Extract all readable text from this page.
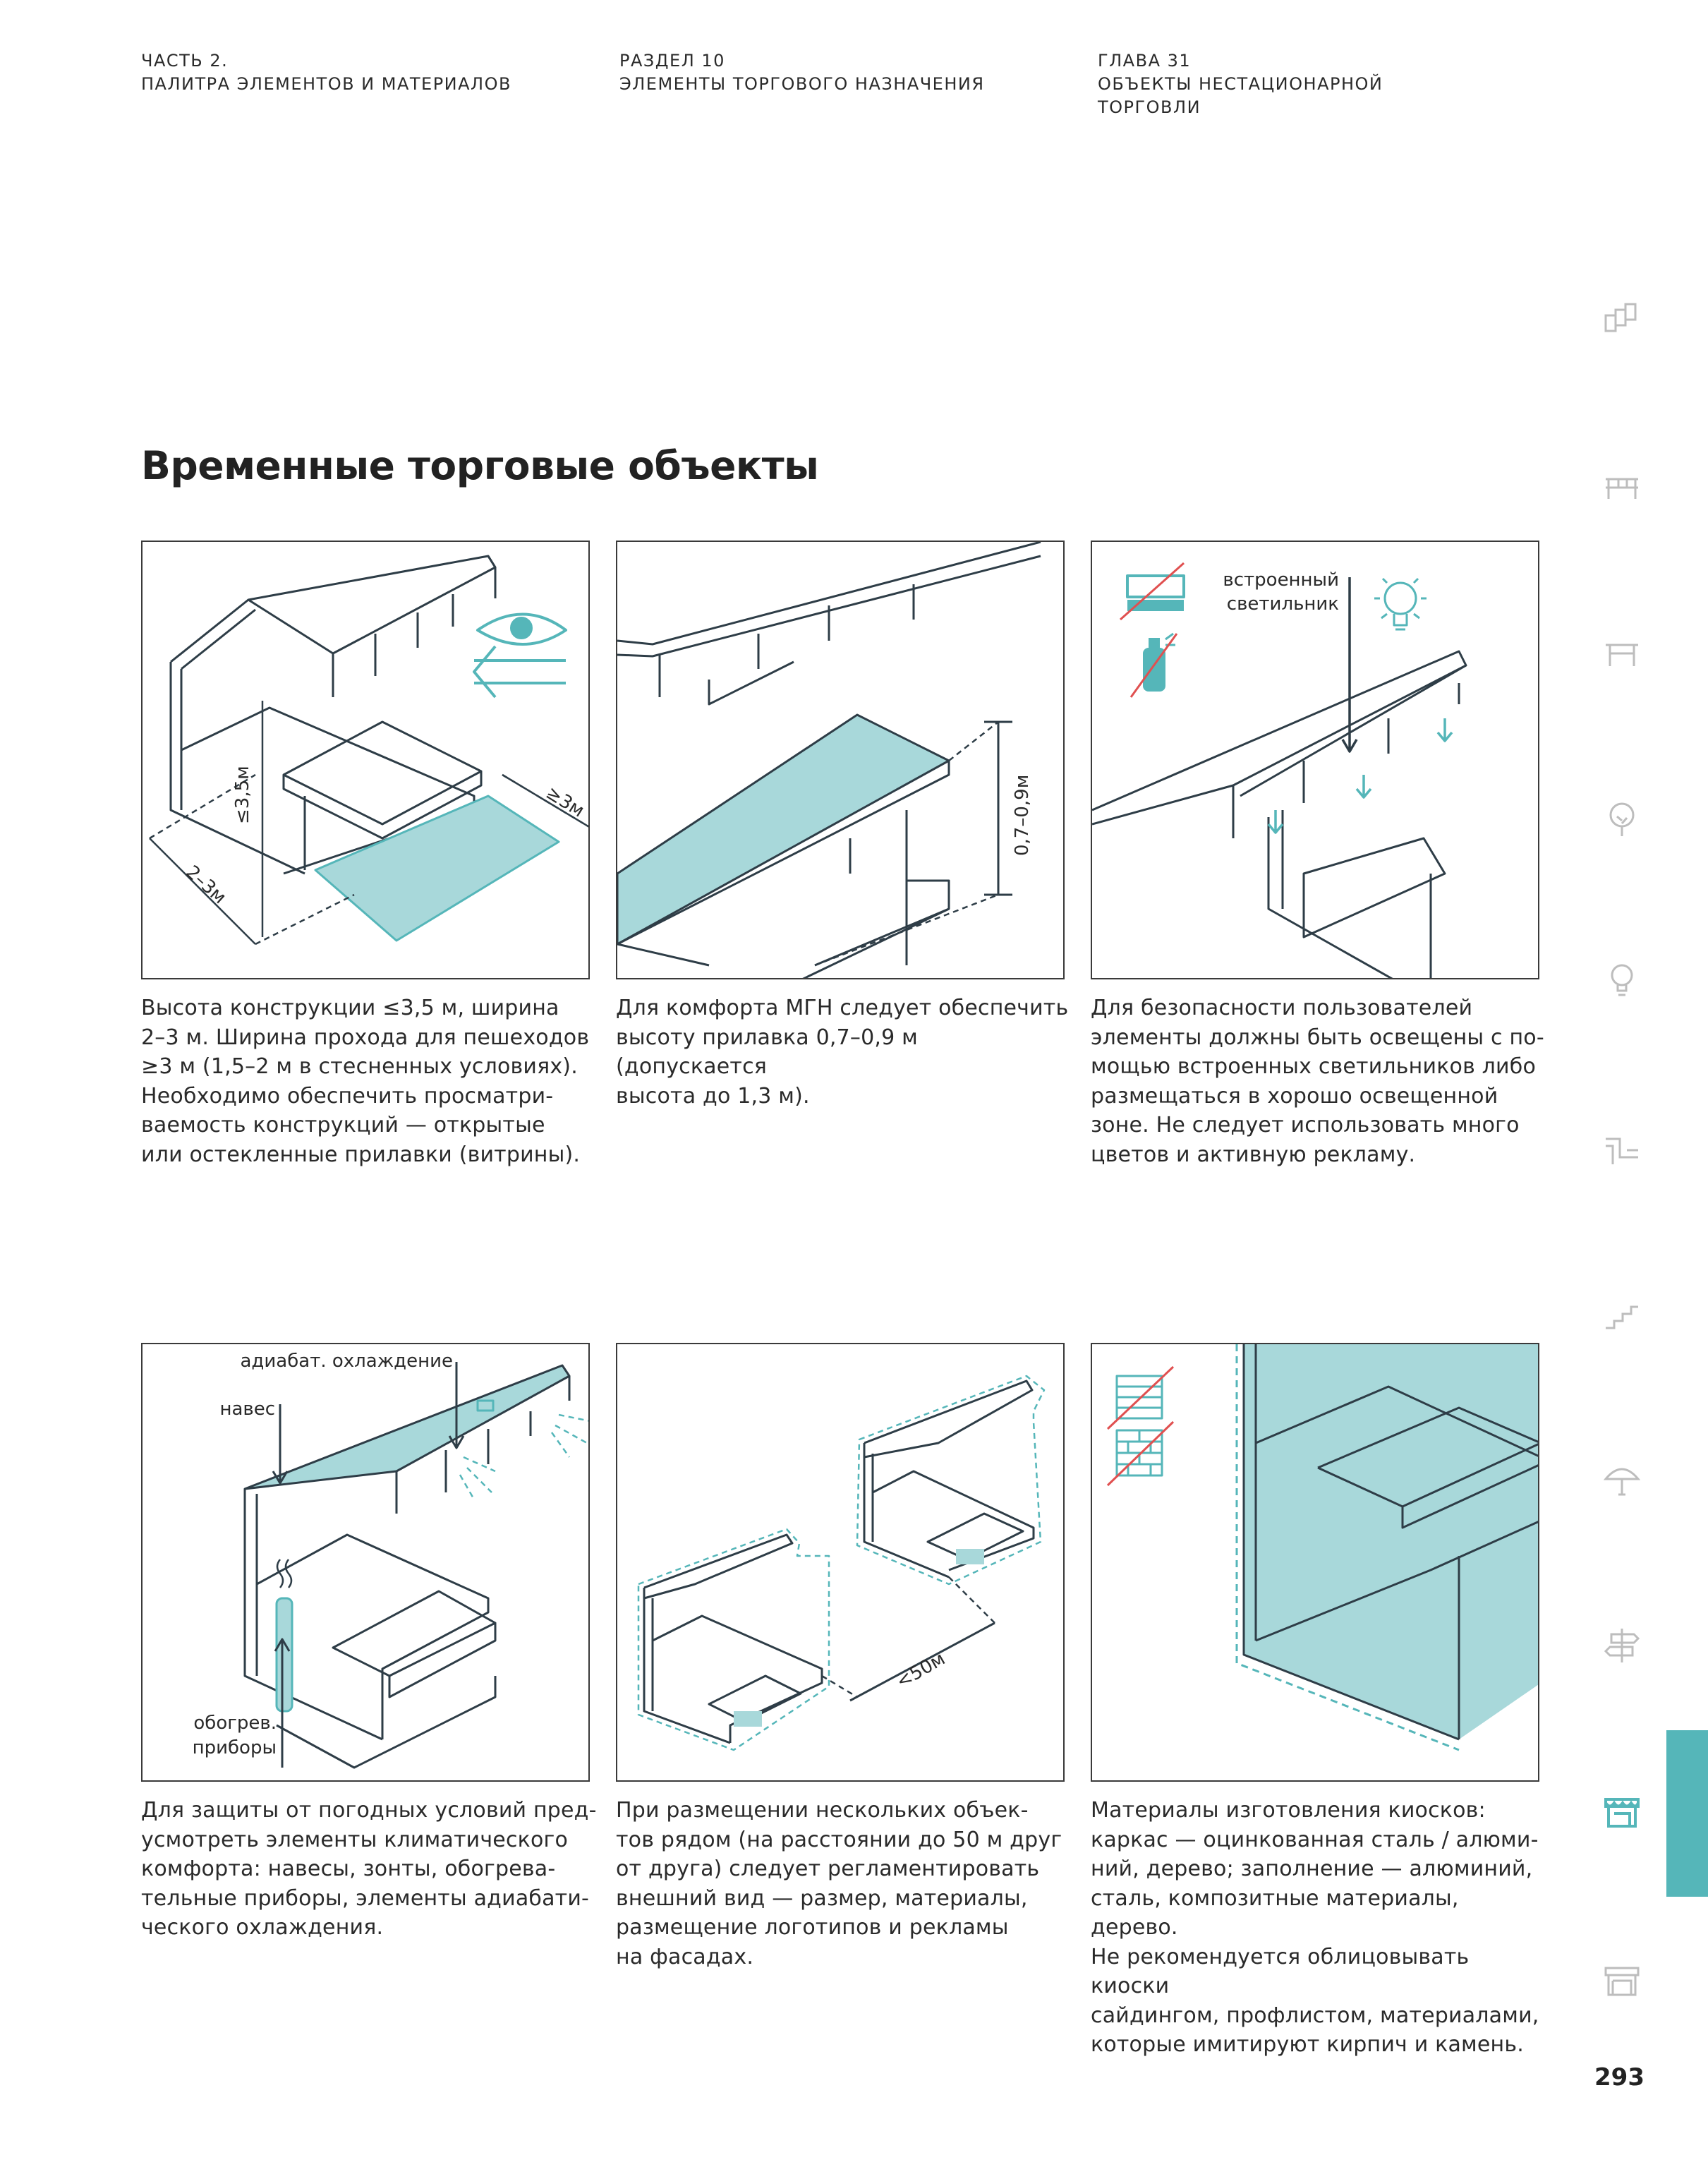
ЧАСТЬ 2.
ПАЛИТРА ЭЛЕМЕНТОВ И МАТЕРИАЛОВ
РАЗДЕЛ 10
ЭЛЕМЕНТЫ ТОРГОВОГО НАЗНАЧЕНИЯ
ГЛАВА 31
ОБЪЕКТЫ НЕСТАЦИОНАРНОЙ
ТОРГОВЛИ
Временные торговые объекты
≤3,5м
2–3м
≥3м	0,7–0,9м
встроенный
светильник
адиабат. охлаждение
навес
обогрев.
приборы
<50м
Высота конструкции ≤3,5 м, ширина
2–3 м. Ширина прохода для пешеходов
≥3 м (1,5–2 м в стесненных условиях).
Необходимо обеспечить просматри-
ваемость конструкций — открытые
или остекленные прилавки (витрины).
Для комфорта МГН следует обеспечить
высоту прилавка 0,7–0,9 м (допускается
высота до 1,3 м).
Для безопасности пользователей
элементы должны быть освещены с по-
мощью встроенных светильников либо
размещаться в хорошо освещенной
зоне. Не следует использовать много
цветов и активную рекламу.
Для защиты от погодных условий пред-
усмотреть элементы климатического
комфорта: навесы, зонты, обогрева-
тельные приборы, элементы адиабати-
ческого охлаждения.
При размещении нескольких объек-
тов рядом (на расстоянии до 50 м друг
от друга) следует регламентировать
внешний вид — размер, материалы,
размещение логотипов и рекламы
на фасадах.
Материалы изготовления киосков:
каркас — оцинкованная сталь / алюми-
ний, дерево; заполнение — алюминий,
сталь, композитные материалы, дерево.
Не рекомендуется облицовывать киоски
сайдингом, профлистом, материалами,
которые имитируют кирпич и камень.
293
